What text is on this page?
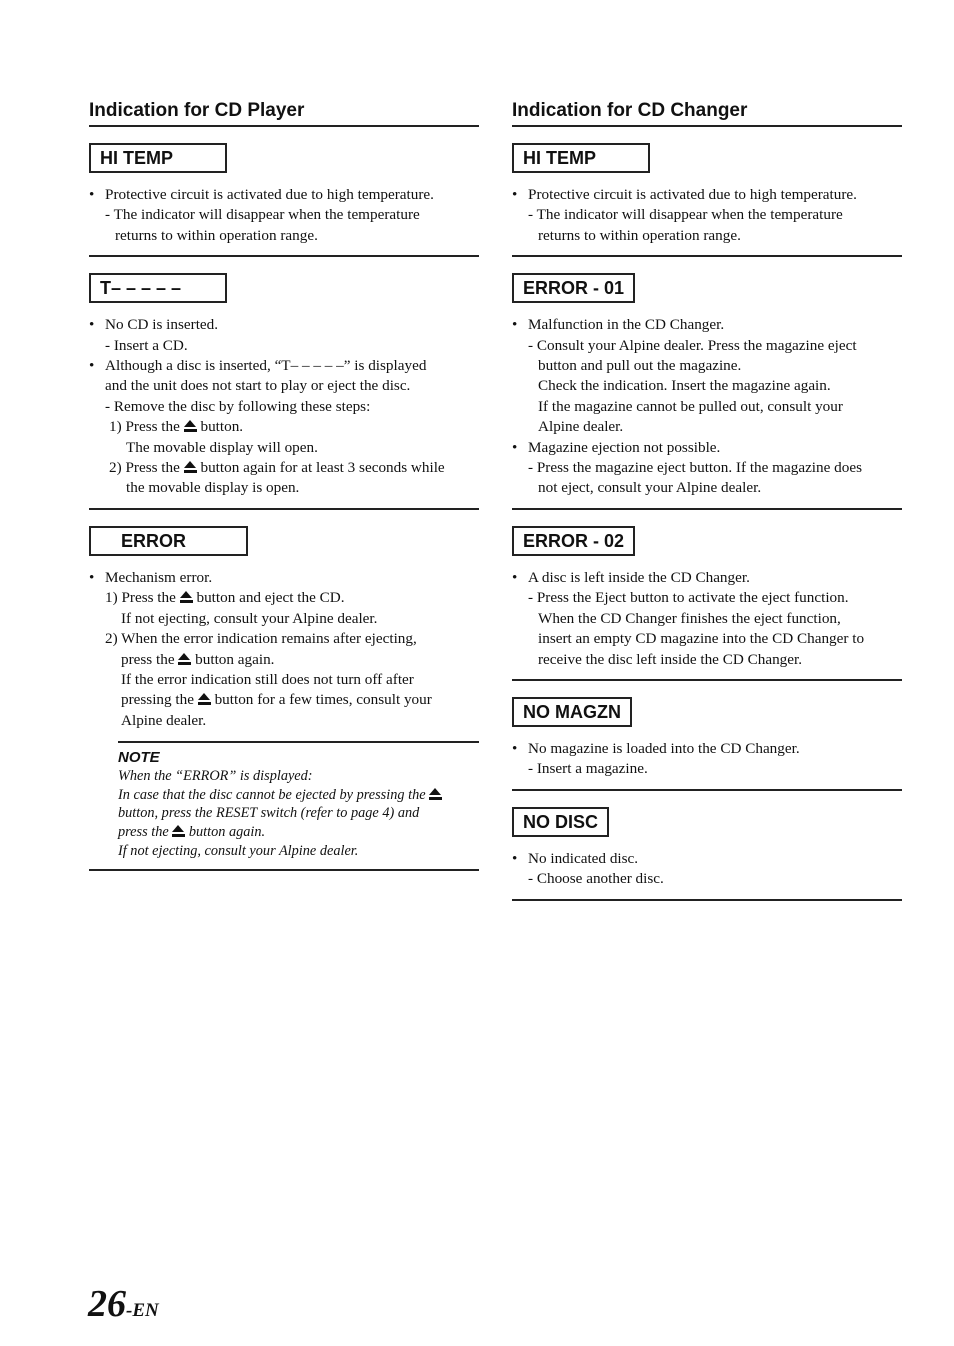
Indication for CD Player
HI TEMP
• Protective circuit is activated due to high temperature.
- The indicator will disappear when the temperature
returns to within operation range.
T– – – – –
• No CD is inserted.
- Insert a CD.
• Although a disc is inserted, “T– – – – –” is displayed
and the unit does not start to play or eject the disc.
- Remove the disc by following these steps:
1) Press the  button.
The movable display will open.
2) Press the  button again for at least 3 seconds while
the movable display is open.
ERROR
• Mechanism error.
1) Press the  button and eject the CD.
If not ejecting, consult your Alpine dealer.
2) When the error indication remains after ejecting,
press the  button again.
If the error indication still does not turn off after
pressing the  button for a few times, consult your
Alpine dealer.
NOTE
When the “ERROR” is displayed:
In case that the disc cannot be ejected by pressing the
button, press the RESET switch (refer to page 4) and
press the  button again.
If not ejecting, consult your Alpine dealer.
Indication for CD Changer
HI TEMP
• Protective circuit is activated due to high temperature.
- The indicator will disappear when the temperature
returns to within operation range.
ERROR - 01
• Malfunction in the CD Changer.
- Consult your Alpine dealer. Press the magazine eject
button and pull out the magazine.
Check the indication. Insert the magazine again.
If the magazine cannot be pulled out, consult your
Alpine dealer.
• Magazine ejection not possible.
- Press the magazine eject button. If the magazine does
not eject, consult your Alpine dealer.
ERROR - 02
• A disc is left inside the CD Changer.
- Press the Eject button to activate the eject function.
When the CD Changer finishes the eject function,
insert an empty CD magazine into the CD Changer to
receive the disc left inside the CD Changer.
NO MAGZN
• No magazine is loaded into the CD Changer.
- Insert a magazine.
NO DISC
• No indicated disc.
- Choose another disc.
26-EN
